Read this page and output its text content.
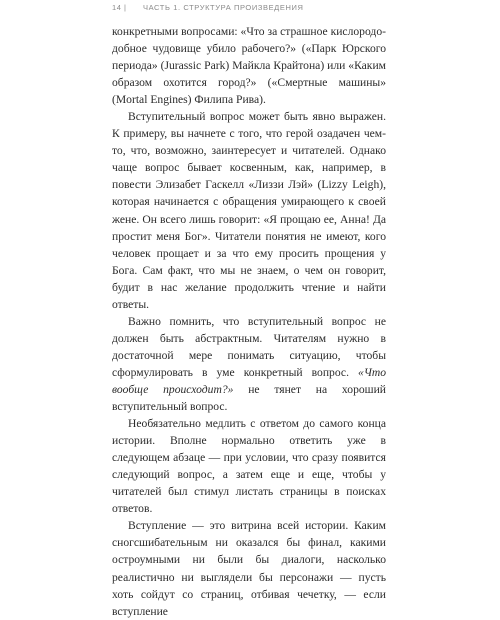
14 | ЧАСТЬ 1. СТРУКТУРА ПРОИЗВЕДЕНИЯ

конкретными вопросами: «Что за страшное кислорододобное чудовище убило рабочего?» («Парк Юрского периода» (Jurassic Park) Майкла Крайтона) или «Каким образом охотится город?» («Смертные машины» (Mortal Engines) Филипа Рива).

Вступительный вопрос может быть явно выражен. К примеру, вы начнете с того, что герой озадачен чем-то, что, возможно, заинтересует и читателей. Однако чаще вопрос бывает косвенным, как, например, в повести Элизабет Гаскелл «Лиззи Лэй» (Lizzy Leigh), которая начинается с обращения умирающего к своей жене. Он всего лишь говорит: «Я прощаю ее, Анна! Да простит меня Бог». Читатели понятия не имеют, кого человек прощает и за что ему просить прощения у Бога. Сам факт, что мы не знаем, о чем он говорит, будит в нас желание продолжить чтение и найти ответы.

Важно помнить, что вступительный вопрос не должен быть абстрактным. Читателям нужно в достаточной мере понимать ситуацию, чтобы сформулировать в уме конкретный вопрос. «Что вообще происходит?» не тянет на хороший вступительный вопрос.

Необязательно медлить с ответом до самого конца истории. Вполне нормально ответить уже в следующем абзаце — при условии, что сразу появится следующий вопрос, а затем еще и еще, чтобы у читателей был стимул листать страницы в поисках ответов.

Вступление — это витрина всей истории. Каким сногсшибательным ни оказался бы финал, какими остроумными ни были бы диалоги, насколько реалистично ни выглядели бы персонажи — пусть хоть сойдут со страниц, отбивая чечетку, — если вступление
